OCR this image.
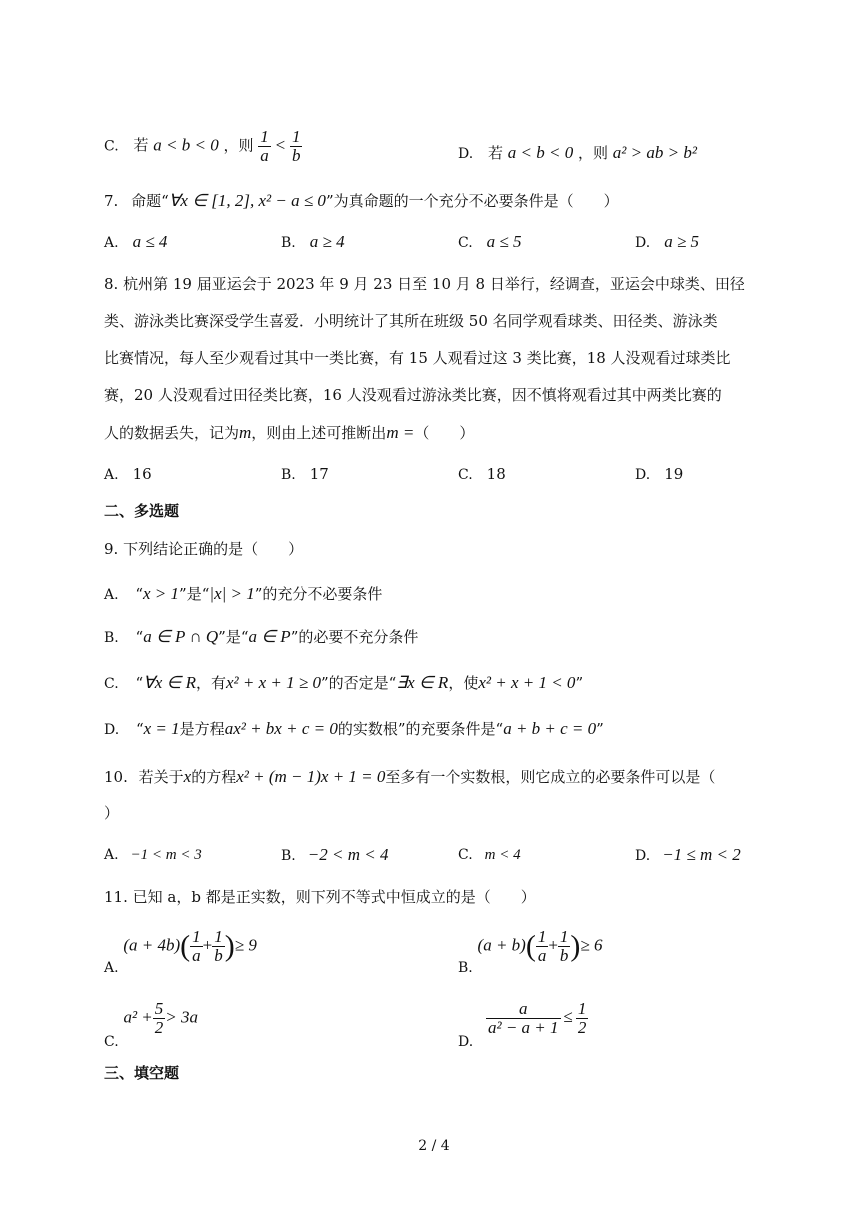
C. 若 a < b < 0 ，则 $\frac{1}{a} < \frac{1}{b}$	D. 若 a < b < 0 ，则 a² > ab > b²
7. 命题“∀x ∈ [1, 2], x² − a ≤ 0”为真命题的一个充分不必要条件是（　　）
A. a ≤ 4	B. a ≥ 4	C. a ≤ 5	D. a ≥ 5
8. 杭州第 19 届亚运会于 2023 年 9 月 23 日至 10 月 8 日举行，经调查，亚运会中球类、田径
类、游泳类比赛深受学生喜爱．小明统计了其所在班级 50 名同学观看球类、田径类、游泳类
比赛情况，每人至少观看过其中一类比赛，有 15 人观看过这 3 类比赛，18 人没观看过球类比
赛，20 人没观看过田径类比赛，16 人没观看过游泳类比赛，因不慎将观看过其中两类比赛的
人的数据丢失，记为m，则由上述可推断出m =（　　）
A. 16	B. 17	C. 18	D. 19
二、多选题
9. 下列结论正确的是（　　）
A. “x > 1”是“|x| > 1”的充分不必要条件
B. “a ∈ P ∩ Q”是“a ∈ P”的必要不充分条件
C. “∀x ∈ R，有x² + x + 1 ≥ 0”的否定是“∃x ∈ R，使x² + x + 1 < 0”
D. “x = 1是方程ax² + bx + c = 0的实数根”的充要条件是“a + b + c = 0”
10. 若关于x的方程x² + (m − 1)x + 1 = 0至多有一个实数根，则它成立的必要条件可以是（
）
A. −1 < m < 3	B. −2 < m < 4	C. m < 4	D. −1 ≤ m < 2
11. 已知 a，b 都是正实数，则下列不等式中恒成立的是（　　）
A. $(a + 4b)( \frac{1}{a} + \frac{1}{b}$ )≥ 9
B. $(a + b)( \frac{1}{a} + \frac{1}{b}$ )≥ 6
C. $a^2 + \frac{5}{2} > 3a$
D.
$\frac{a}{\text{a² − a + 1}} \le \frac{1}{2}$
三、填空题
2 / 4
